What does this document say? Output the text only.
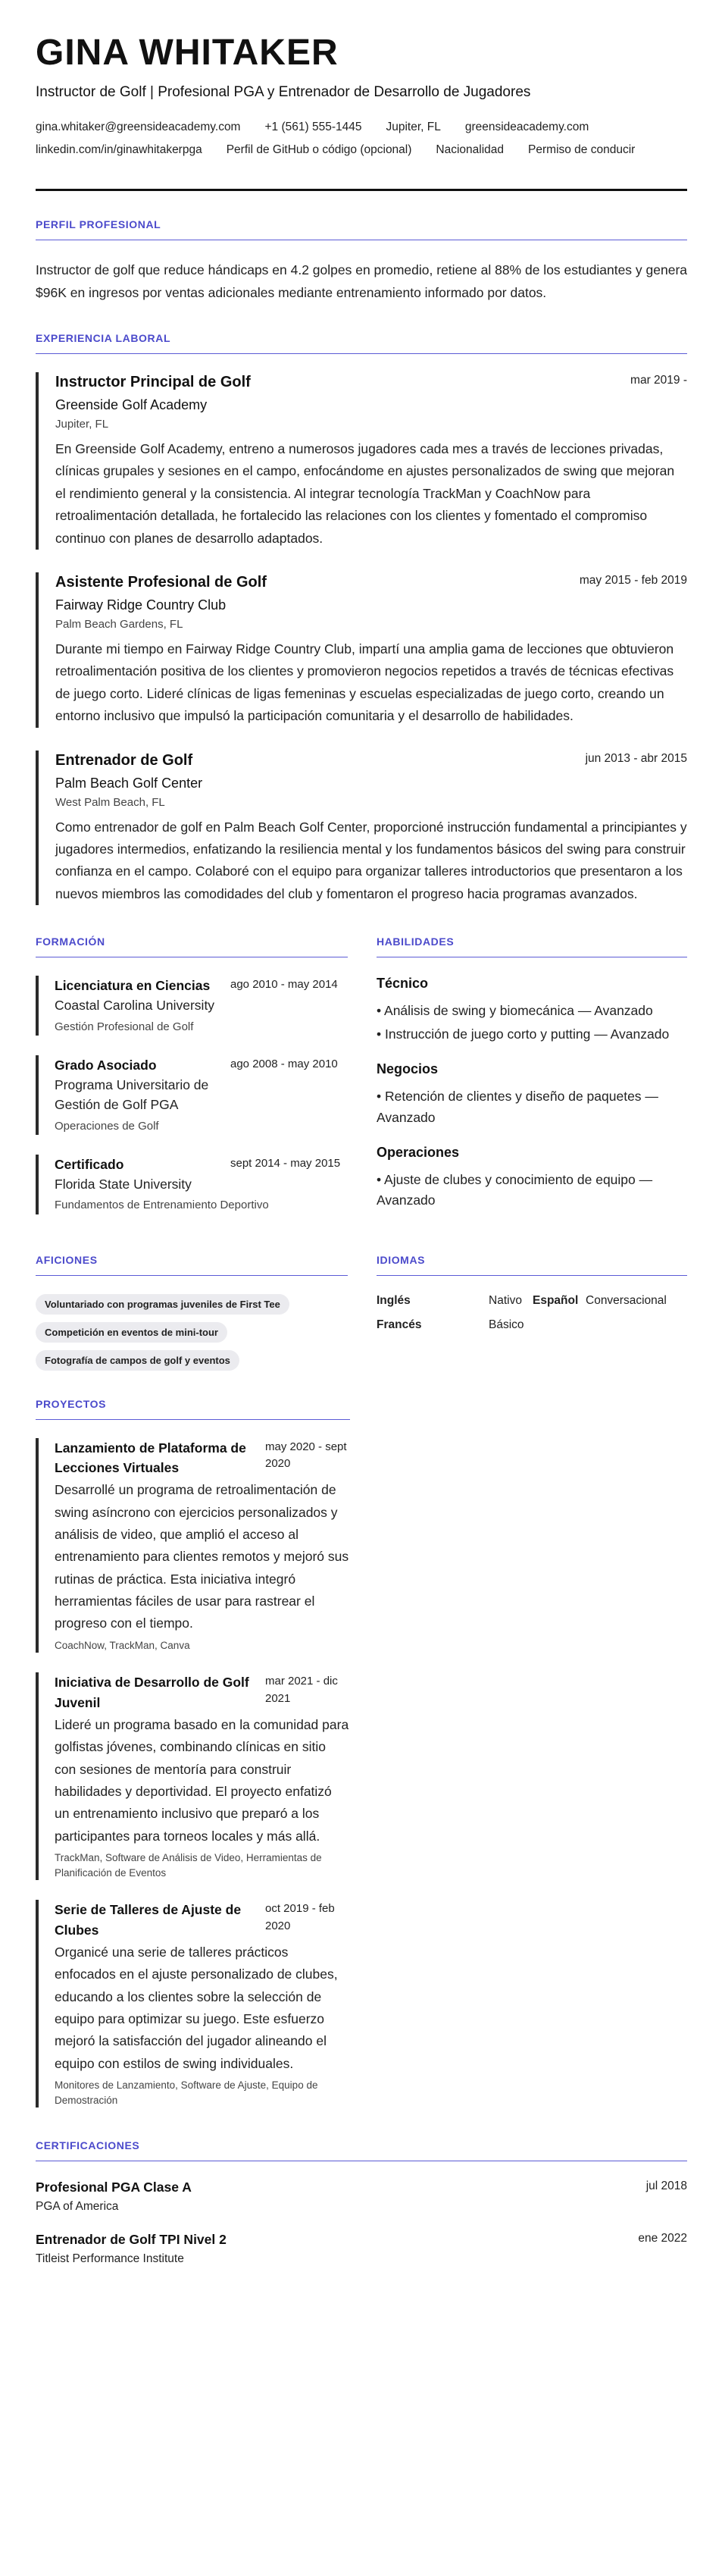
GINA WHITAKER
Instructor de Golf | Profesional PGA y Entrenador de Desarrollo de Jugadores
gina.whitaker@greensideacademy.com +1 (561) 555-1445 Jupiter, FL greensideacademy.com
linkedin.com/in/ginawhitakerpga Perfil de GitHub o código (opcional) Nacionalidad Permiso de conducir
PERFIL PROFESIONAL

Instructor de golf que reduce hándicaps en 4.2 golpes en promedio, retiene al 88% de los estudiantes y genera $96K en ingresos por ventas adicionales mediante entrenamiento informado por datos.

EXPERIENCIA LABORAL
Instructor Principal de Golf	mar 2019 -
Greenside Golf Academy
Jupiter, FL

En Greenside Golf Academy, entreno a numerosos jugadores cada mes a través de lecciones privadas, clínicas grupales y sesiones en el campo, enfocándome en ajustes personalizados de swing que mejoran el rendimiento general y la consistencia. Al integrar tecnología TrackMan y CoachNow para retroalimentación detallada, he fortalecido las relaciones con los clientes y fomentado el compromiso continuo con planes de desarrollo adaptados.

Asistente Profesional de Golf	may 2015 - feb 2019
Fairway Ridge Country Club
Palm Beach Gardens, FL

Durante mi tiempo en Fairway Ridge Country Club, impartí una amplia gama de lecciones que obtuvieron retroalimentación positiva de los clientes y promovieron negocios repetidos a través de técnicas efectivas de juego corto. Lideré clínicas de ligas femeninas y escuelas especializadas de juego corto, creando un entorno inclusivo que impulsó la participación comunitaria y el desarrollo de habilidades.

Entrenador de Golf	jun 2013 - abr 2015
Palm Beach Golf Center
West Palm Beach, FL

Como entrenador de golf en Palm Beach Golf Center, proporcioné instrucción fundamental a principiantes y jugadores intermedios, enfatizando la resiliencia mental y los fundamentos básicos del swing para construir confianza en el campo. Colaboré con el equipo para organizar talleres introductorios que presentaron a los nuevos miembros las comodidades del club y fomentaron el progreso hacia programas avanzados.

FORMACIÓN
Licenciatura en Ciencias	ago 2010 - may 2014
Coastal Carolina University
Gestión Profesional de Golf
Grado Asociado	ago 2008 - may 2010
Programa Universitario de Gestión de Golf PGA
Operaciones de Golf
Certificado	sept 2014 - may 2015
Florida State University
Fundamentos de Entrenamiento Deportivo
HABILIDADES
Técnico
• Análisis de swing y biomecánica — Avanzado
• Instrucción de juego corto y putting — Avanzado
Negocios
• Retención de clientes y diseño de paquetes — Avanzado
Operaciones
• Ajuste de clubes y conocimiento de equipo — Avanzado
AFICIONES
Voluntariado con programas juveniles de First Tee
Competición en eventos de mini-tour
Fotografía de campos de golf y eventos
IDIOMAS
Inglés	Nativo Español Conversacional
Francés	Básico
PROYECTOS
Lanzamiento de Plataforma de Lecciones Virtuales
may 2020 - sept 2020

Desarrollé un programa de retroalimentación de swing asíncrono con ejercicios personalizados y análisis de video, que amplió el acceso al entrenamiento para clientes remotos y mejoró sus rutinas de práctica. Esta iniciativa integró herramientas fáciles de usar para rastrear el progreso con el tiempo.

CoachNow, TrackMan, Canva
Iniciativa de Desarrollo de Golf Juvenil
mar 2021 - dic 2021

Lideré un programa basado en la comunidad para golfistas jóvenes, combinando clínicas en sitio con sesiones de mentoría para construir habilidades y deportividad. El proyecto enfatizó un entrenamiento inclusivo que preparó a los participantes para torneos locales y más allá.

TrackMan, Software de Análisis de Video, Herramientas de Planificación de Eventos
Serie de Talleres de Ajuste de Clubes
oct 2019 - feb 2020

Organicé una serie de talleres prácticos enfocados en el ajuste personalizado de clubes, educando a los clientes sobre la selección de equipo para optimizar su juego. Este esfuerzo mejoró la satisfacción del jugador alineando el equipo con estilos de swing individuales.

Monitores de Lanzamiento, Software de Ajuste, Equipo de Demostración
CERTIFICACIONES
Profesional PGA Clase A
PGA of America
jul 2018
Entrenador de Golf TPI Nivel 2
Titleist Performance Institute
ene 2022
